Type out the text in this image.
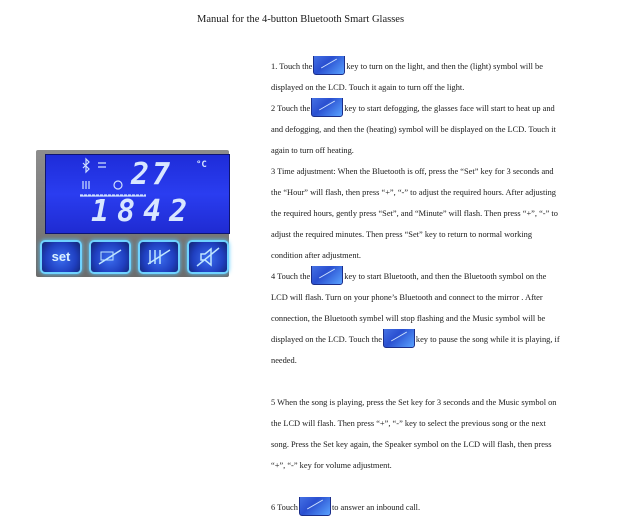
Manual for the 4-button Bluetooth Smart Glasses
27	°C
1842
set
1. Touch the	key to turn on the light, and then the (light) symbol will be
displayed on the LCD. Touch it again to turn off the light.
2 Touch the	key to start defogging, the glasses face will start to heat up and
and defogging, and then the (heating) symbol will be displayed on the LCD. Touch it
again to turn off heating.
3 Time adjustment: When the Bluetooth is off, press the “Set” key for 3 seconds and
the “Hour” will flash, then press “+”, “-” to adjust the required hours. After adjusting
the required hours, gently press “Set”, and “Minute” will flash. Then press “+”, “-” to
adjust the required minutes. Then press “Set” key to return to normal working
condition after adjustment.
4 Touch the	key to start Bluetooth, and then the Bluetooth symbol on the
LCD will flash. Turn on your phone’s Bluetooth and connect to the mirror . After
connection, the Bluetooth symbel will stop flashing and the Music symbol will be
displayed on the LCD. Touch the	key to pause the song while it is playing, if
needed.
5 When the song is playing, press the Set key for 3 seconds and the Music symbol on
the LCD will flash. Then press “+”, “-” key to select the previous song or the next
song. Press the Set key again, the Speaker symbol on the LCD will flash, then press
“+”, “-” key for volume adjustment.
6 Touch	to answer an inbound call.
